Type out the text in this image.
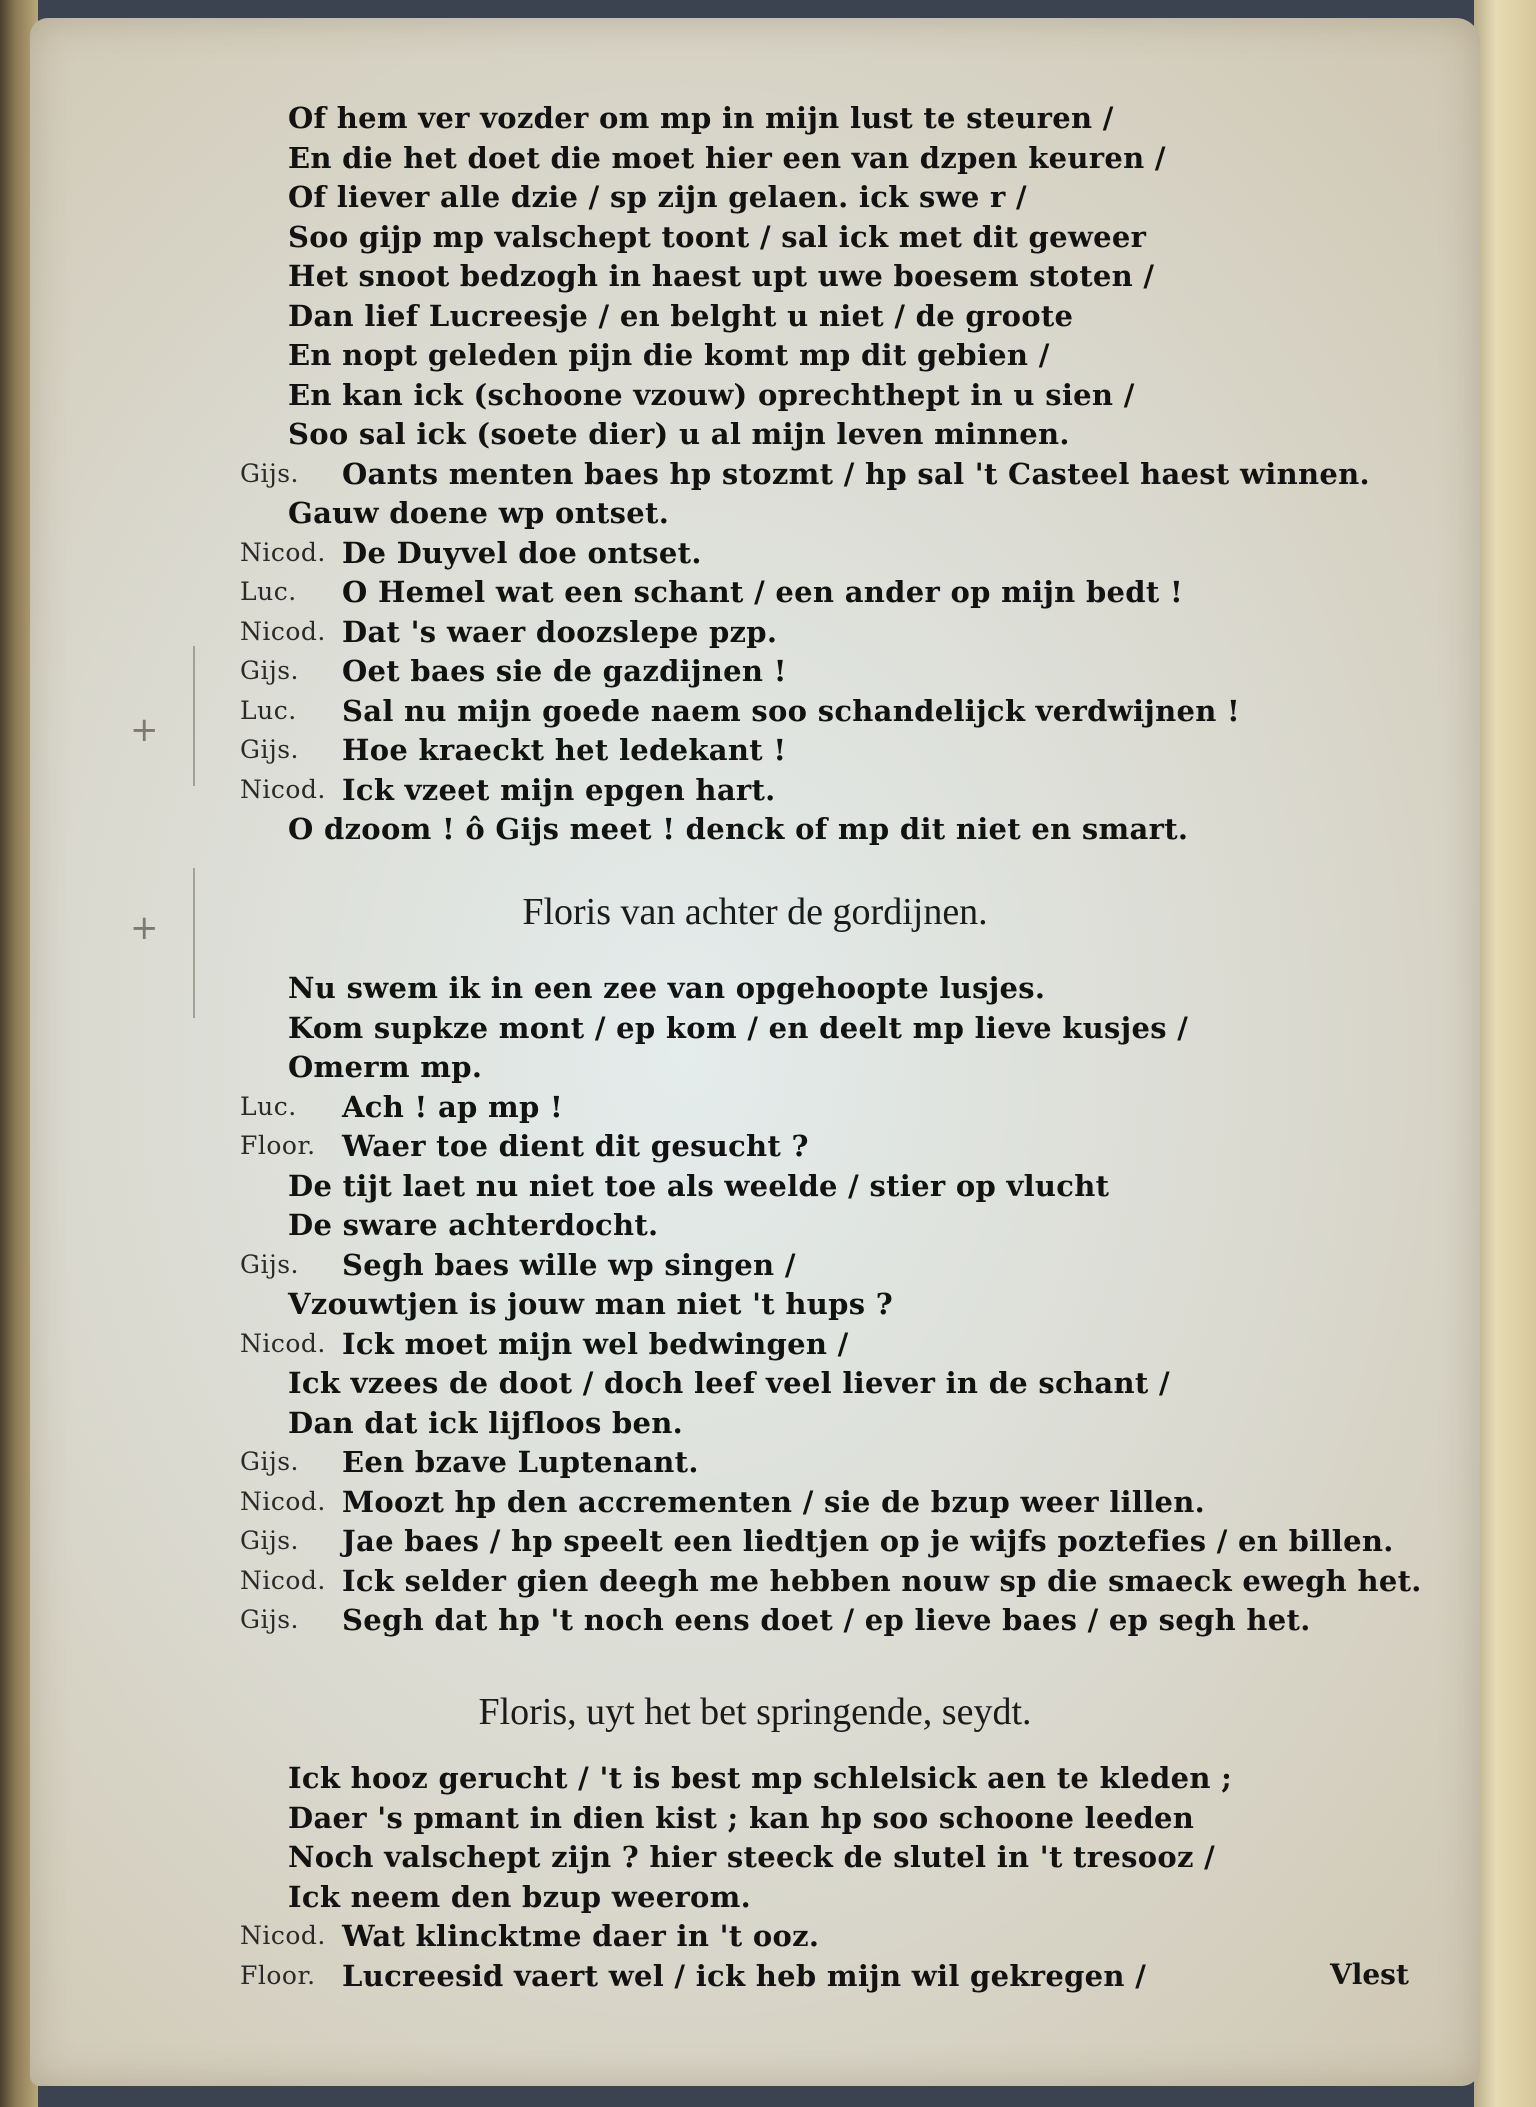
+
+	Floris van achter de gordijnen.
Floris, uyt het bet springende, seydt.
Vlest
Of hem ver vozder om mp in mijn lust te steuren /
En die het doet die moet hier een van dzpen keuren /
Of liever alle dzie / sp zijn gelaen. ick swe r /
Soo gijp mp valschept toont / sal ick met dit geweer
Het snoot bedzogh in haest upt uwe boesem stoten /
Dan lief Lucreesje / en belght u niet / de groote
En nopt geleden pijn die komt mp dit gebien /
En kan ick (schoone vzouw) oprechthept in u sien /
Soo sal ick (soete dier) u al mijn leven minnen.
Gijs.	Oants menten baes hp stozmt / hp sal 't Casteel haest winnen.
Gauw doene wp ontset.
Nicod. De Duyvel doe ontset.
Luc.	O Hemel wat een schant / een ander op mijn bedt !
Nicod. Dat 's waer doozslepe pzp.
Gijs.	Oet baes sie de gazdijnen !
Luc.	Sal nu mijn goede naem soo schandelijck verdwijnen !
Gijs.	Hoe kraeckt het ledekant !
Nicod. Ick vzeet mijn epgen hart.
O dzoom ! ô Gijs meet ! denck of mp dit niet en smart.
Nu swem ik in een zee van opgehoopte lusjes.
Kom supkze mont / ep kom / en deelt mp lieve kusjes /
Omerm mp.
Luc.	Ach ! ap mp !
Floor. Waer toe dient dit gesucht ?
De tijt laet nu niet toe als weelde / stier op vlucht
De sware achterdocht.
Gijs.	Segh baes wille wp singen /
Vzouwtjen is jouw man niet 't hups ?
Nicod. Ick moet mijn wel bedwingen /
Ick vzees de doot / doch leef veel liever in de schant /
Dan dat ick lijfloos ben.
Gijs.	Een bzave Luptenant.
Nicod. Moozt hp den accrementen / sie de bzup weer lillen.
Gijs.	Jae baes / hp speelt een liedtjen op je wijfs poztefies / en billen.
Nicod. Ick selder gien deegh me hebben nouw sp die smaeck ewegh het.
Gijs.	Segh dat hp 't noch eens doet / ep lieve baes / ep segh het.
Ick hooz gerucht / 't is best mp schlelsick aen te kleden ;
Daer 's pmant in dien kist ; kan hp soo schoone leeden
Noch valschept zijn ? hier steeck de slutel in 't tresooz /
Ick neem den bzup weerom.
Nicod. Wat klincktme daer in 't ooz.
Floor. Lucreesid vaert wel / ick heb mijn wil gekregen /
